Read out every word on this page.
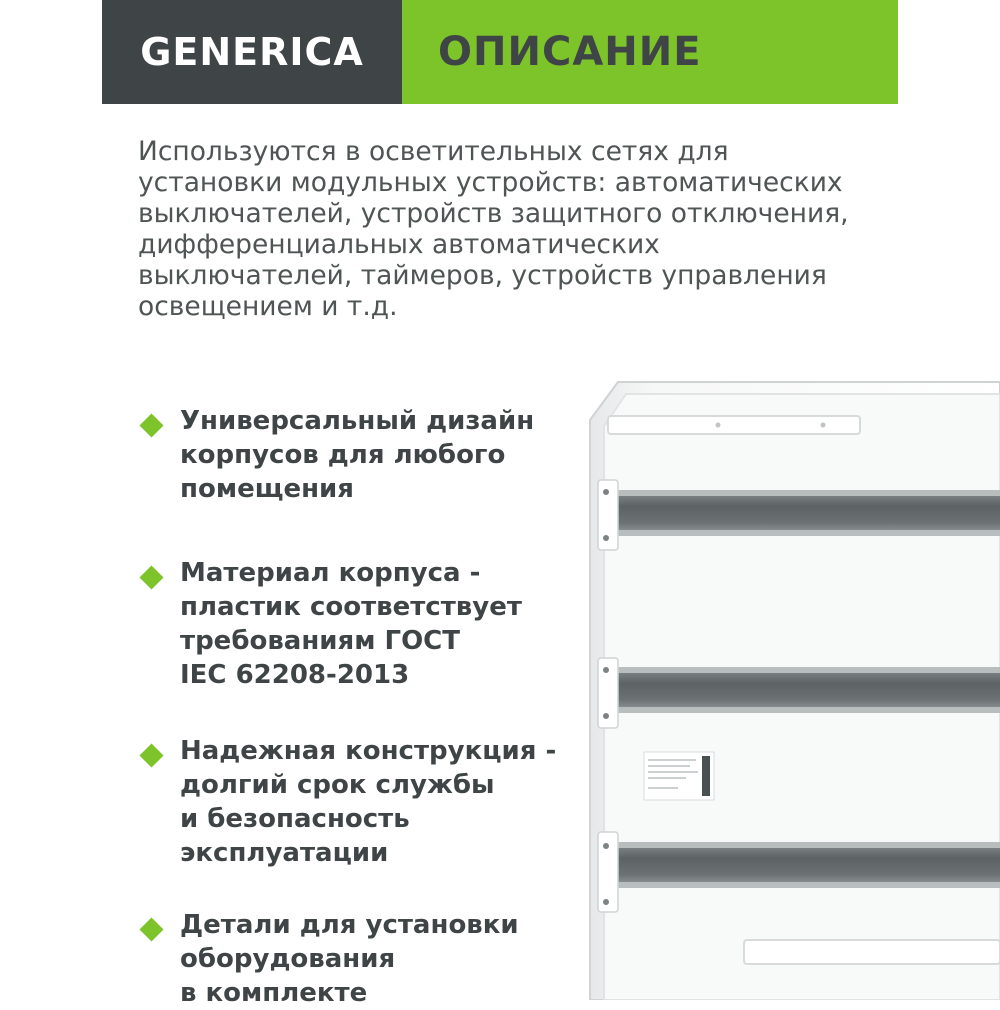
GENERICA ОПИСАНИЕ

Используются в осветительных сетях для установки модульных устройств: автоматических выключателей, устройств защитного отключения, дифференциальных автоматических выключателей, таймеров, устройств управления освещением и т.д.

Универсальный дизайн
корпусов для любого
помещения
Материал корпуса -
пластик соответствует
требованиям ГОСТ
IEC 62208-2013
Надежная конструкция -
долгий срок службы
и безопасность
эксплуатации
Детали для установки
оборудования
в комплекте
